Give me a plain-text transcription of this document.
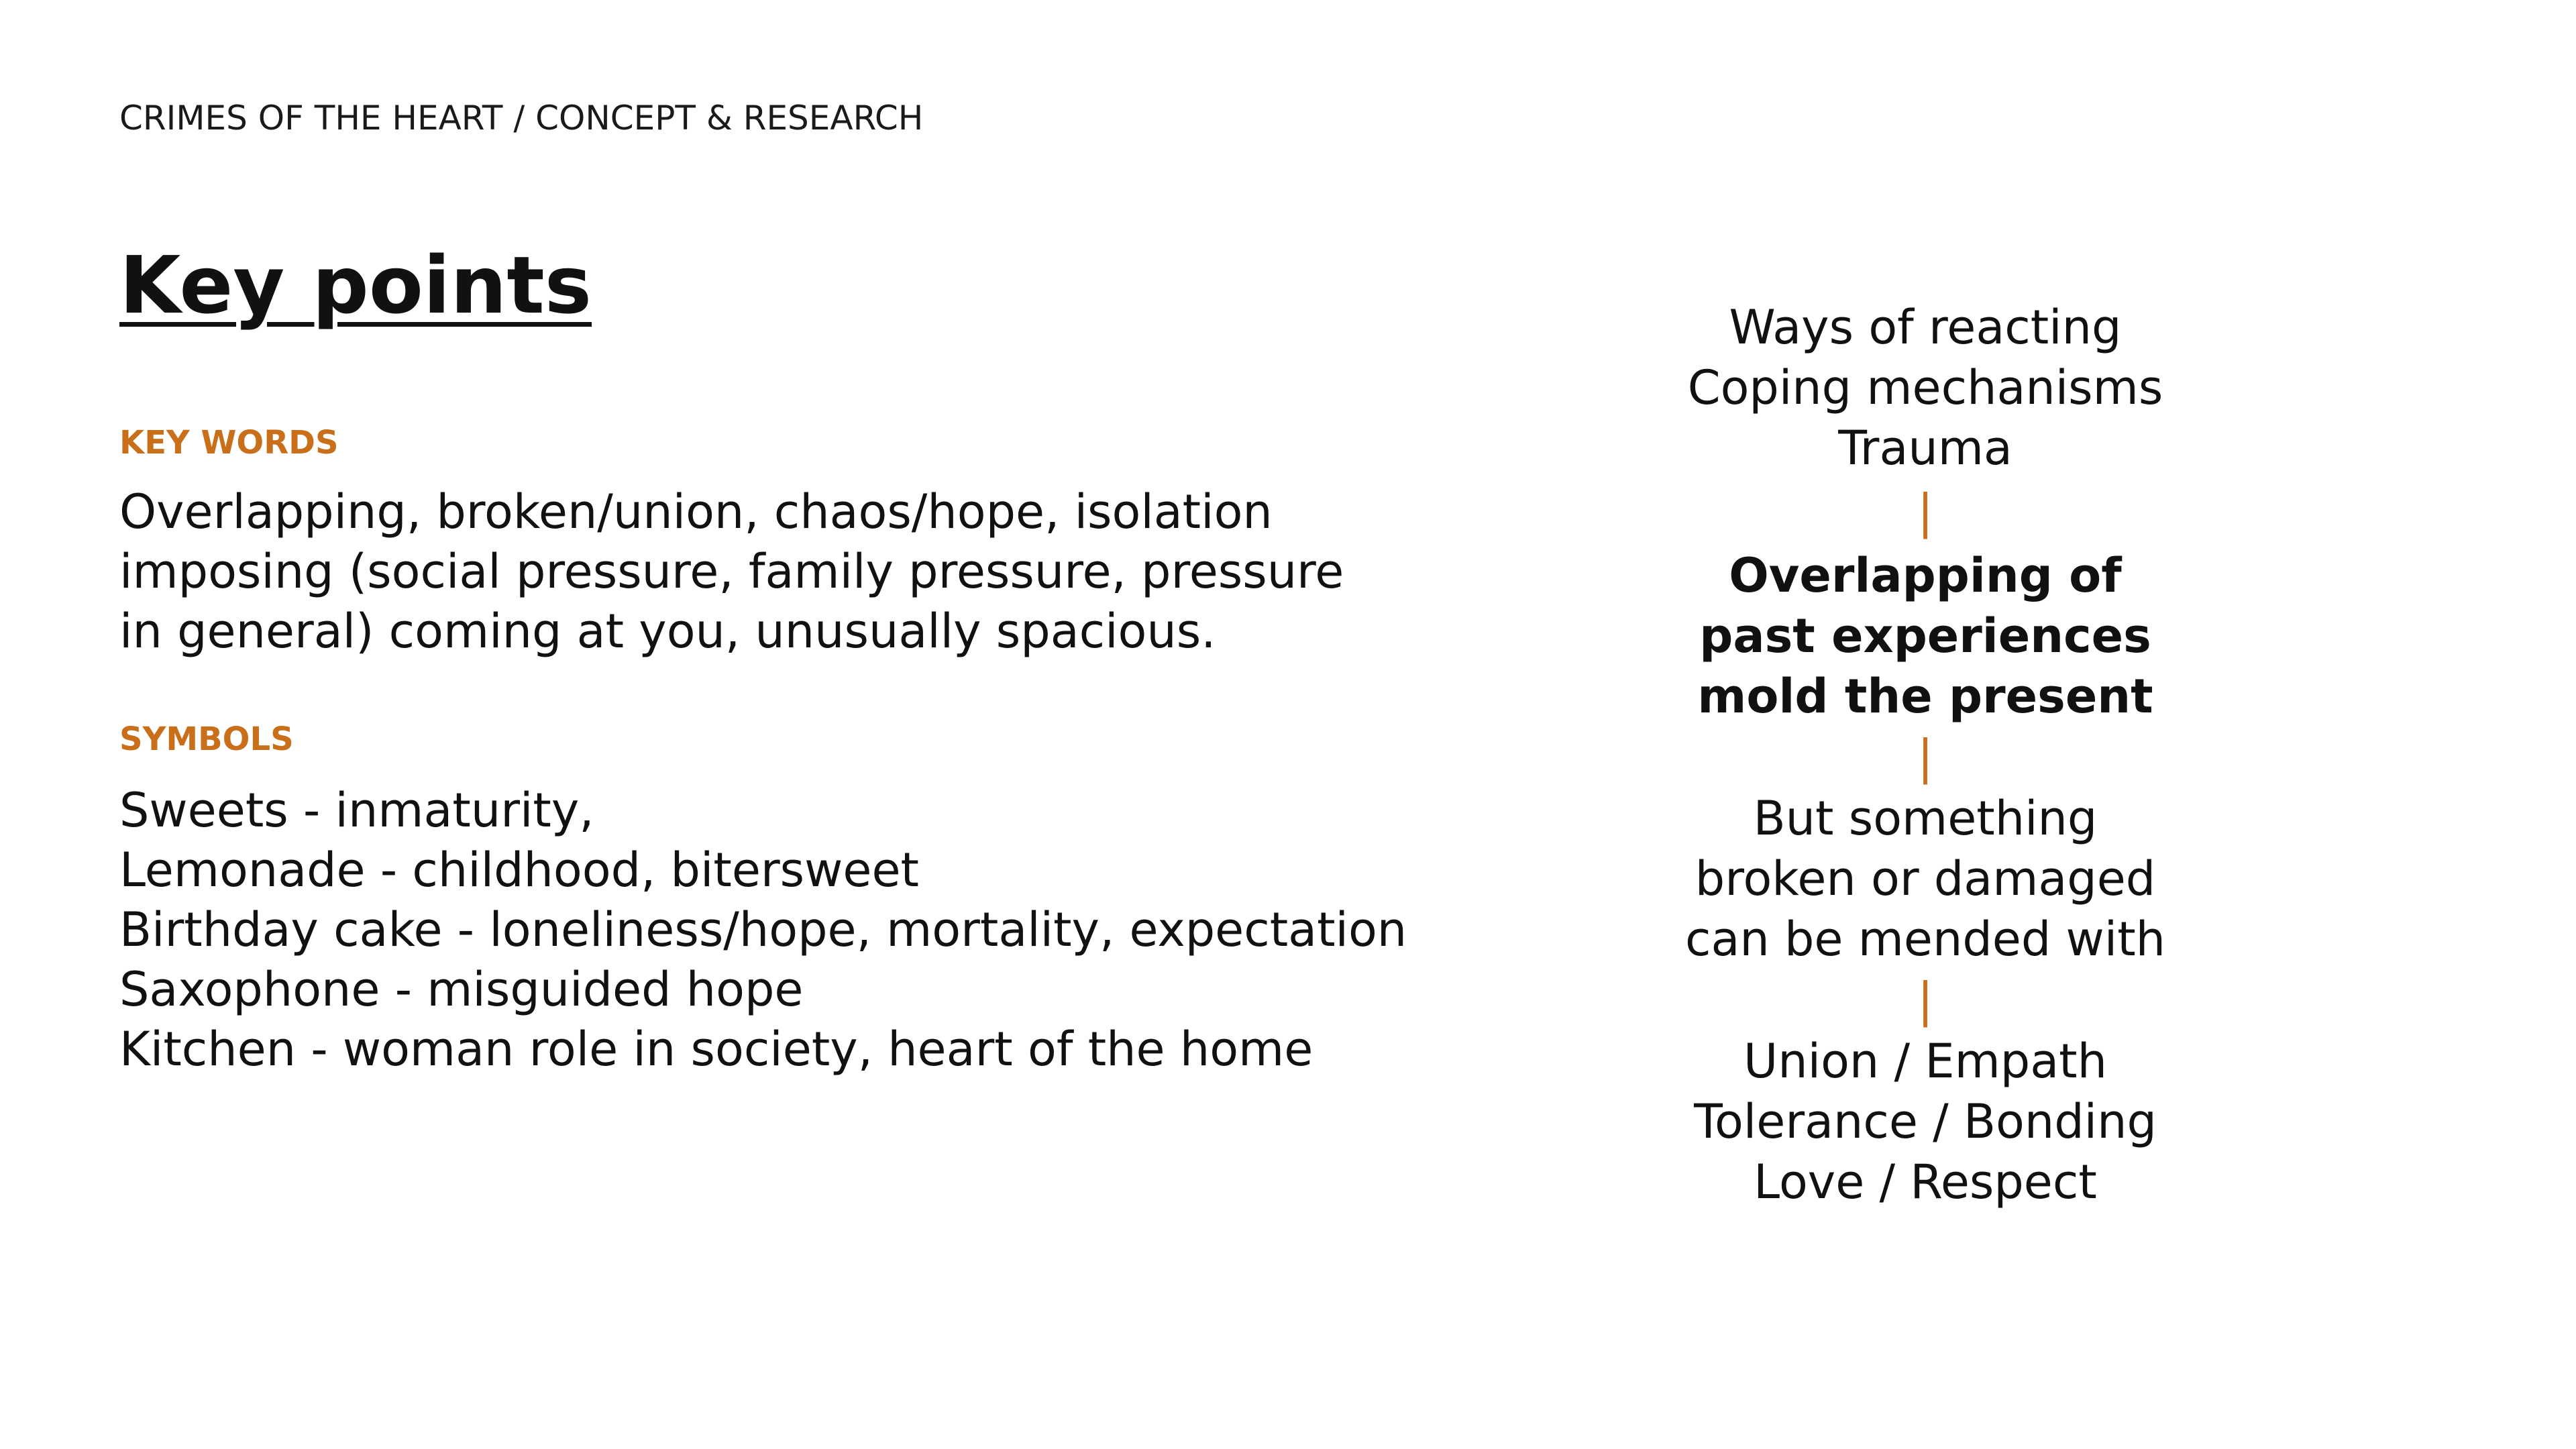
CRIMES OF THE HEART / CONCEPT & RESEARCH
Key points
KEY WORDS
Overlapping, broken/union, chaos/hope, isolation
imposing (social pressure, family pressure, pressure
in general) coming at you, unusually spacious.
SYMBOLS
Sweets - inmaturity,
Lemonade - childhood, bitersweet
Birthday cake - loneliness/hope, mortality, expectation
Saxophone - misguided hope
Kitchen - woman role in society, heart of the home
Ways of reacting
Coping mechanisms
Trauma
|
Overlapping of
past experiences
mold the present
|
But something
broken or damaged
can be mended with
|
Union / Empath
Tolerance / Bonding
Love / Respect
